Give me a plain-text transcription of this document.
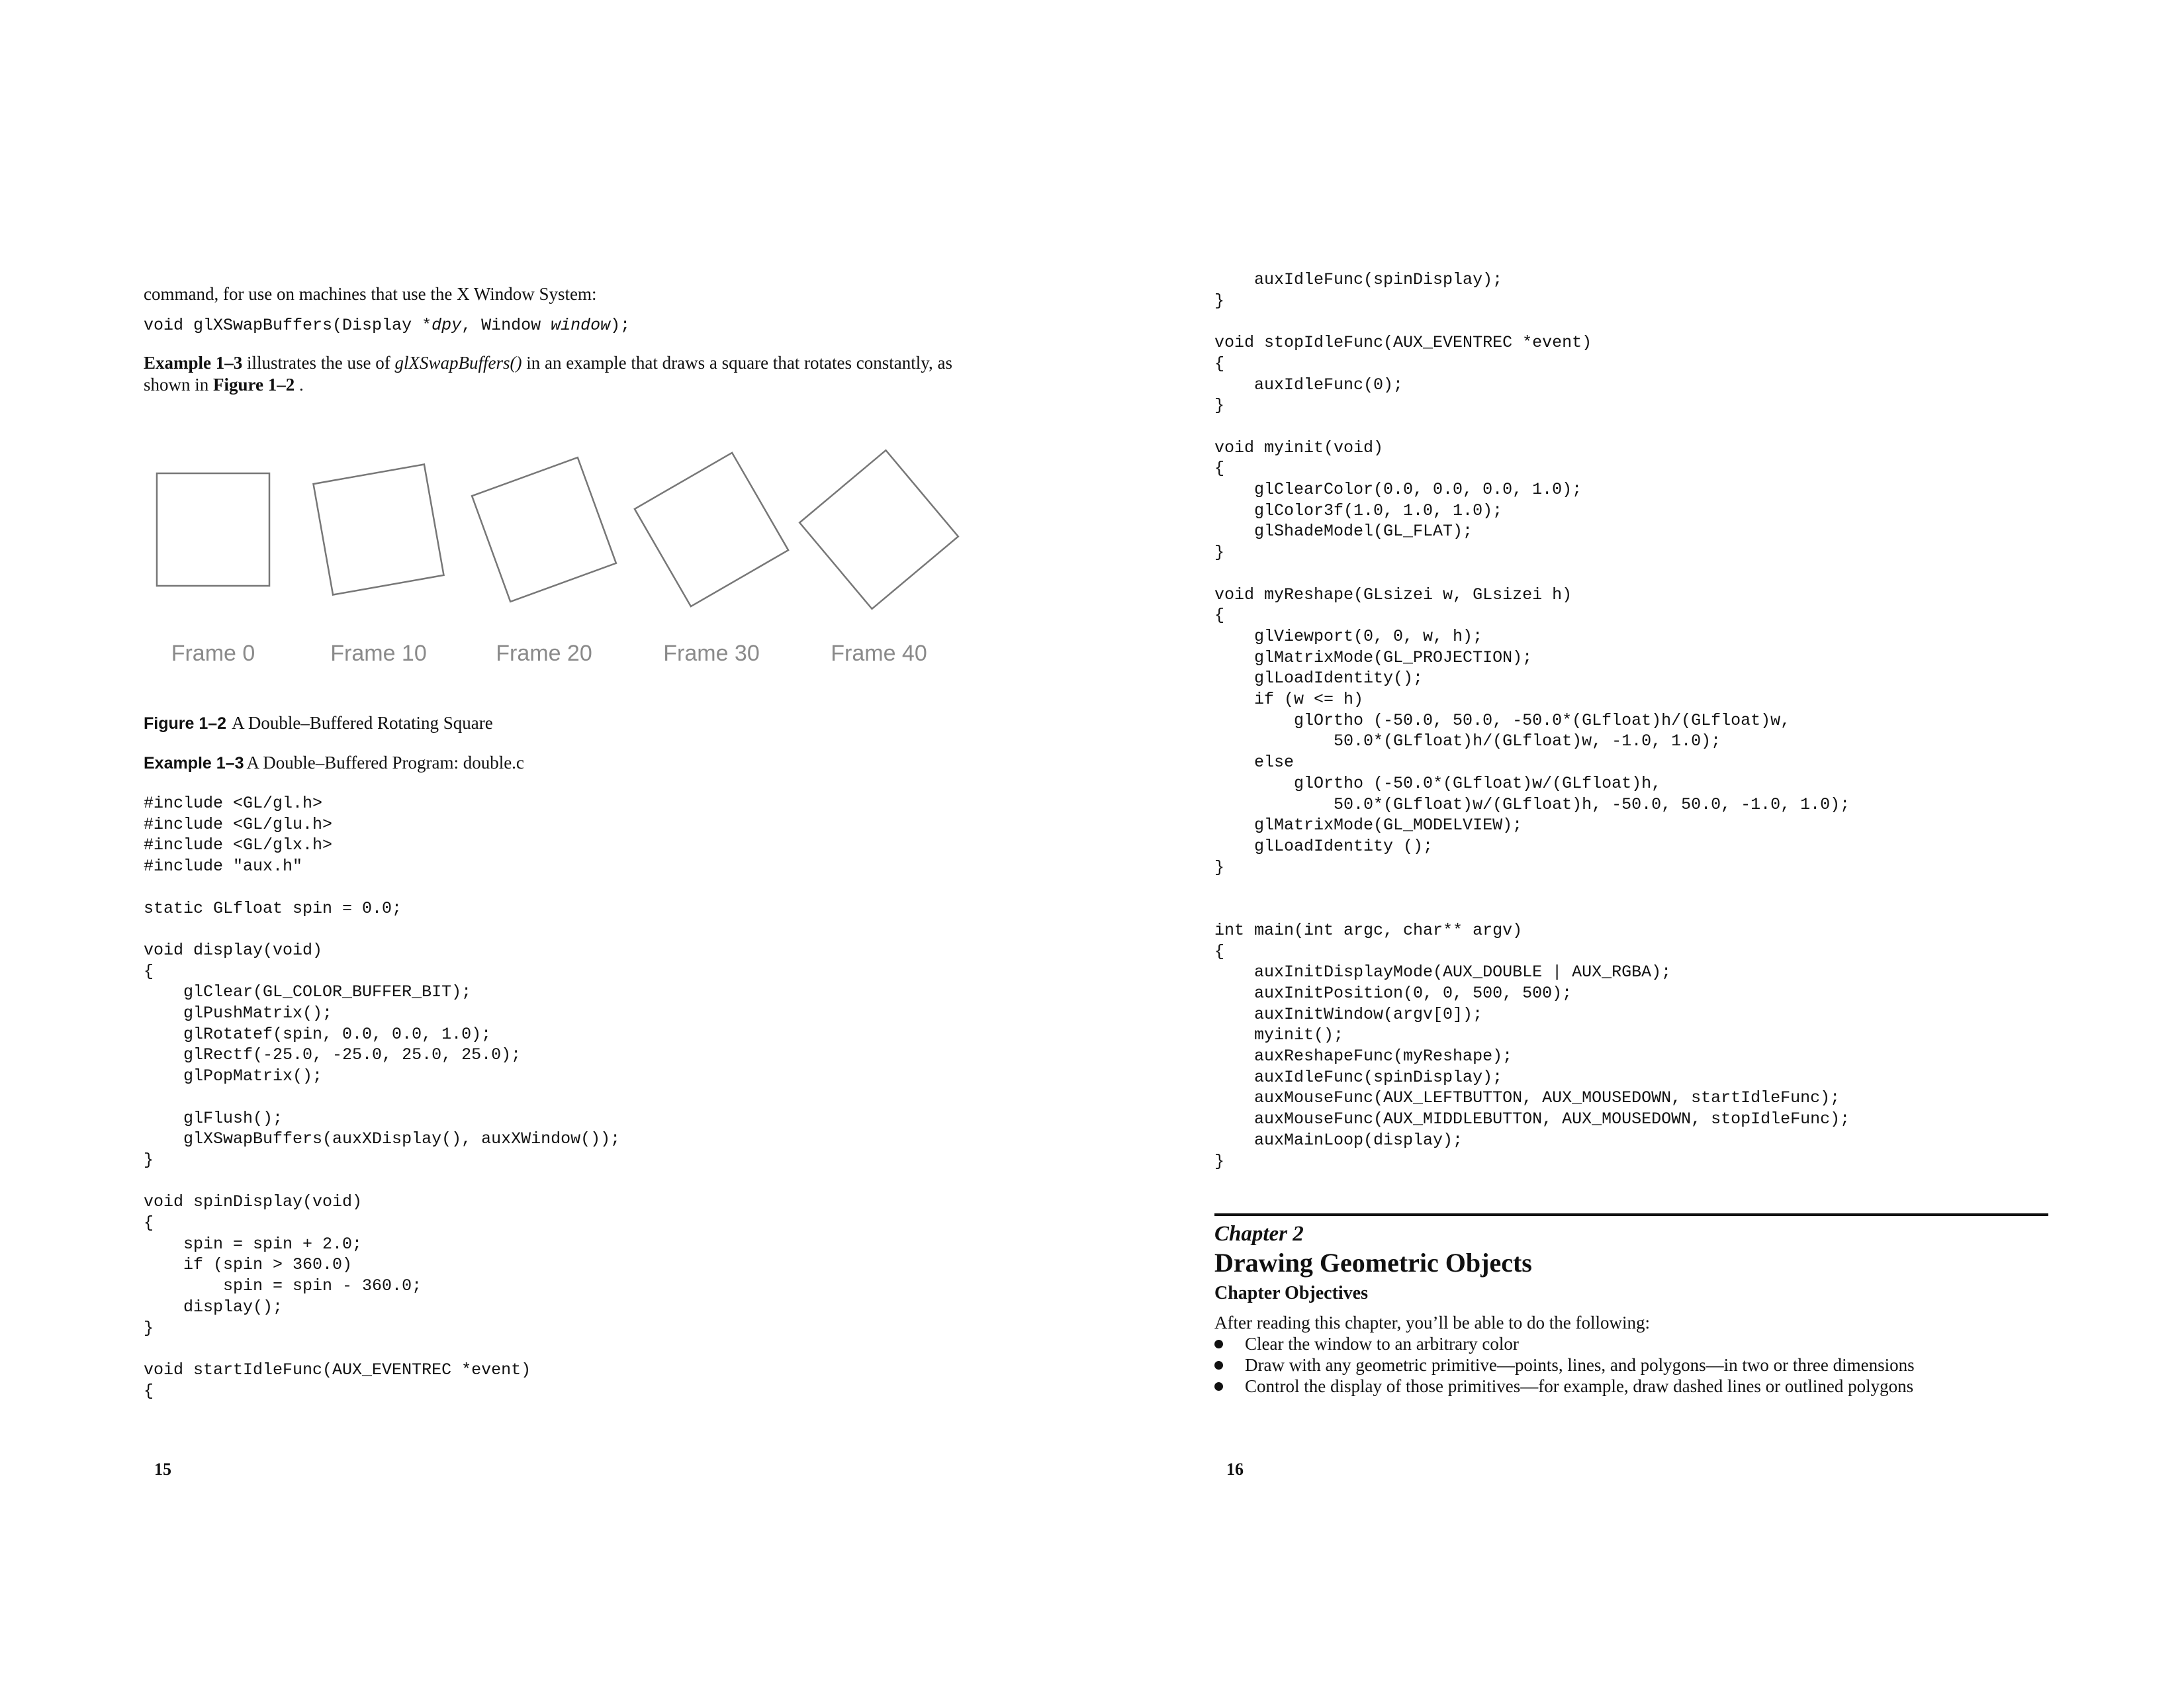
command, for use on machines that use the X Window System:
void glXSwapBuffers(Display *dpy, Window window);
Example 1–3 illustrates the use of glXSwapBuffers() in an example that draws a square that rotates constantly, as shown in Figure 1–2 .
Frame 0	Frame 10	Frame 20	Frame 30	Frame 40
Figure 1–2 A Double–Buffered Rotating Square
Example 1–3 A Double–Buffered Program: double.c
#include <GL/gl.h>
#include <GL/glu.h>
#include <GL/glx.h>
#include "aux.h"

static GLfloat spin = 0.0;

void display(void)
{
glClear(GL_COLOR_BUFFER_BIT);
glPushMatrix();
glRotatef(spin, 0.0, 0.0, 1.0);
glRectf(-25.0, -25.0, 25.0, 25.0);
glPopMatrix();

glFlush();
glXSwapBuffers(auxXDisplay(), auxXWindow());
}

void spinDisplay(void)
{
spin = spin + 2.0;
if (spin > 360.0)
spin = spin - 360.0;
display();
}

void startIdleFunc(AUX_EVENTREC *event)
{
15
auxIdleFunc(spinDisplay);
}

void stopIdleFunc(AUX_EVENTREC *event)
{
auxIdleFunc(0);
}

void myinit(void)
{
glClearColor(0.0, 0.0, 0.0, 1.0);
glColor3f(1.0, 1.0, 1.0);
glShadeModel(GL_FLAT);
}

void myReshape(GLsizei w, GLsizei h)
{
glViewport(0, 0, w, h);
glMatrixMode(GL_PROJECTION);
glLoadIdentity();
if (w <= h)
glOrtho (-50.0, 50.0, -50.0*(GLfloat)h/(GLfloat)w,
50.0*(GLfloat)h/(GLfloat)w, -1.0, 1.0);
else
glOrtho (-50.0*(GLfloat)w/(GLfloat)h,
50.0*(GLfloat)w/(GLfloat)h, -50.0, 50.0, -1.0, 1.0);
glMatrixMode(GL_MODELVIEW);
glLoadIdentity ();
}

int main(int argc, char** argv)
{
auxInitDisplayMode(AUX_DOUBLE | AUX_RGBA);
auxInitPosition(0, 0, 500, 500);
auxInitWindow(argv[0]);
myinit();
auxReshapeFunc(myReshape);
auxIdleFunc(spinDisplay);
auxMouseFunc(AUX_LEFTBUTTON, AUX_MOUSEDOWN, startIdleFunc);
auxMouseFunc(AUX_MIDDLEBUTTON, AUX_MOUSEDOWN, stopIdleFunc);
auxMainLoop(display);
}
Chapter 2
Drawing Geometric Objects
Chapter Objectives
After reading this chapter, you’ll be able to do the following:
Clear the window to an arbitrary color
Draw with any geometric primitive—points, lines, and polygons—in two or three dimensions
Control the display of those primitives—for example, draw dashed lines or outlined polygons
16
